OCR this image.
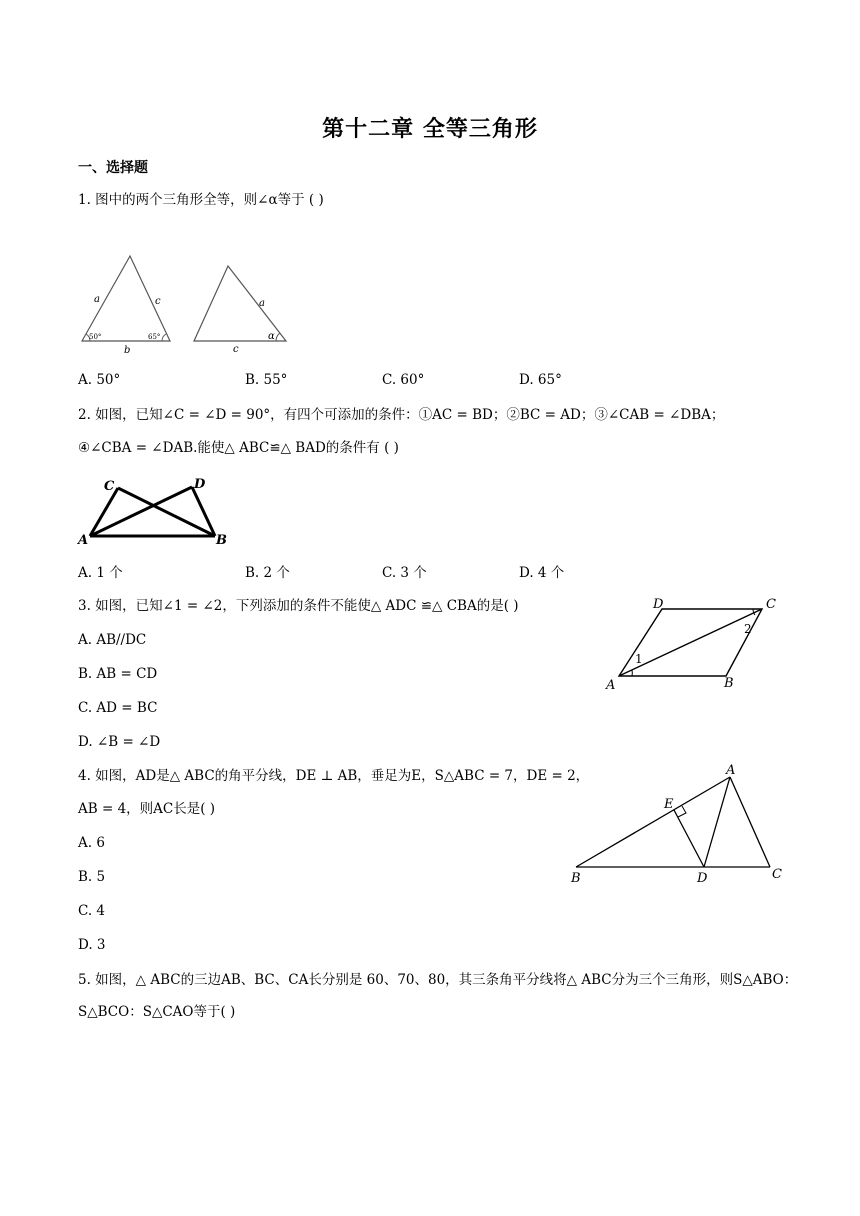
第十二章 全等三角形
一、选择题
1. 图中的两个三角形全等，则∠α等于 ( )
a	c
b
50°	65°
a
c
α
A. 50°	B. 55°	C. 60°	D. 65°
2. 如图，已知∠C = ∠D = 90°，有四个可添加的条件：①AC = BD；②BC = AD；③∠CAB = ∠DBA；
④∠CBA = ∠DAB.能使△ ABC≌△ BAD的条件有 ( )
A	B
C	D
A. 1 个	B. 2 个	C. 3 个	D. 4 个
3. 如图，已知∠1 = ∠2，下列添加的条件不能使△ ADC ≌△ CBA的是( )
A	B
C
D
1
2
A. AB//DC
B. AB = CD
C. AD = BC
D. ∠B = ∠D
4. 如图，AD是△ ABC的角平分线，DE ⊥ AB，垂足为E，S△ABC = 7，DE = 2，
AB = 4，则AC长是( )
A
B	C
D
E
A. 6
B. 5
C. 4
D. 3
5. 如图，△ ABC的三边AB、BC、CA长分别是 60、70、80，其三条角平分线将△ ABC分为三个三角形，则S△ABO：
S△BCO：S△CAO等于( )
